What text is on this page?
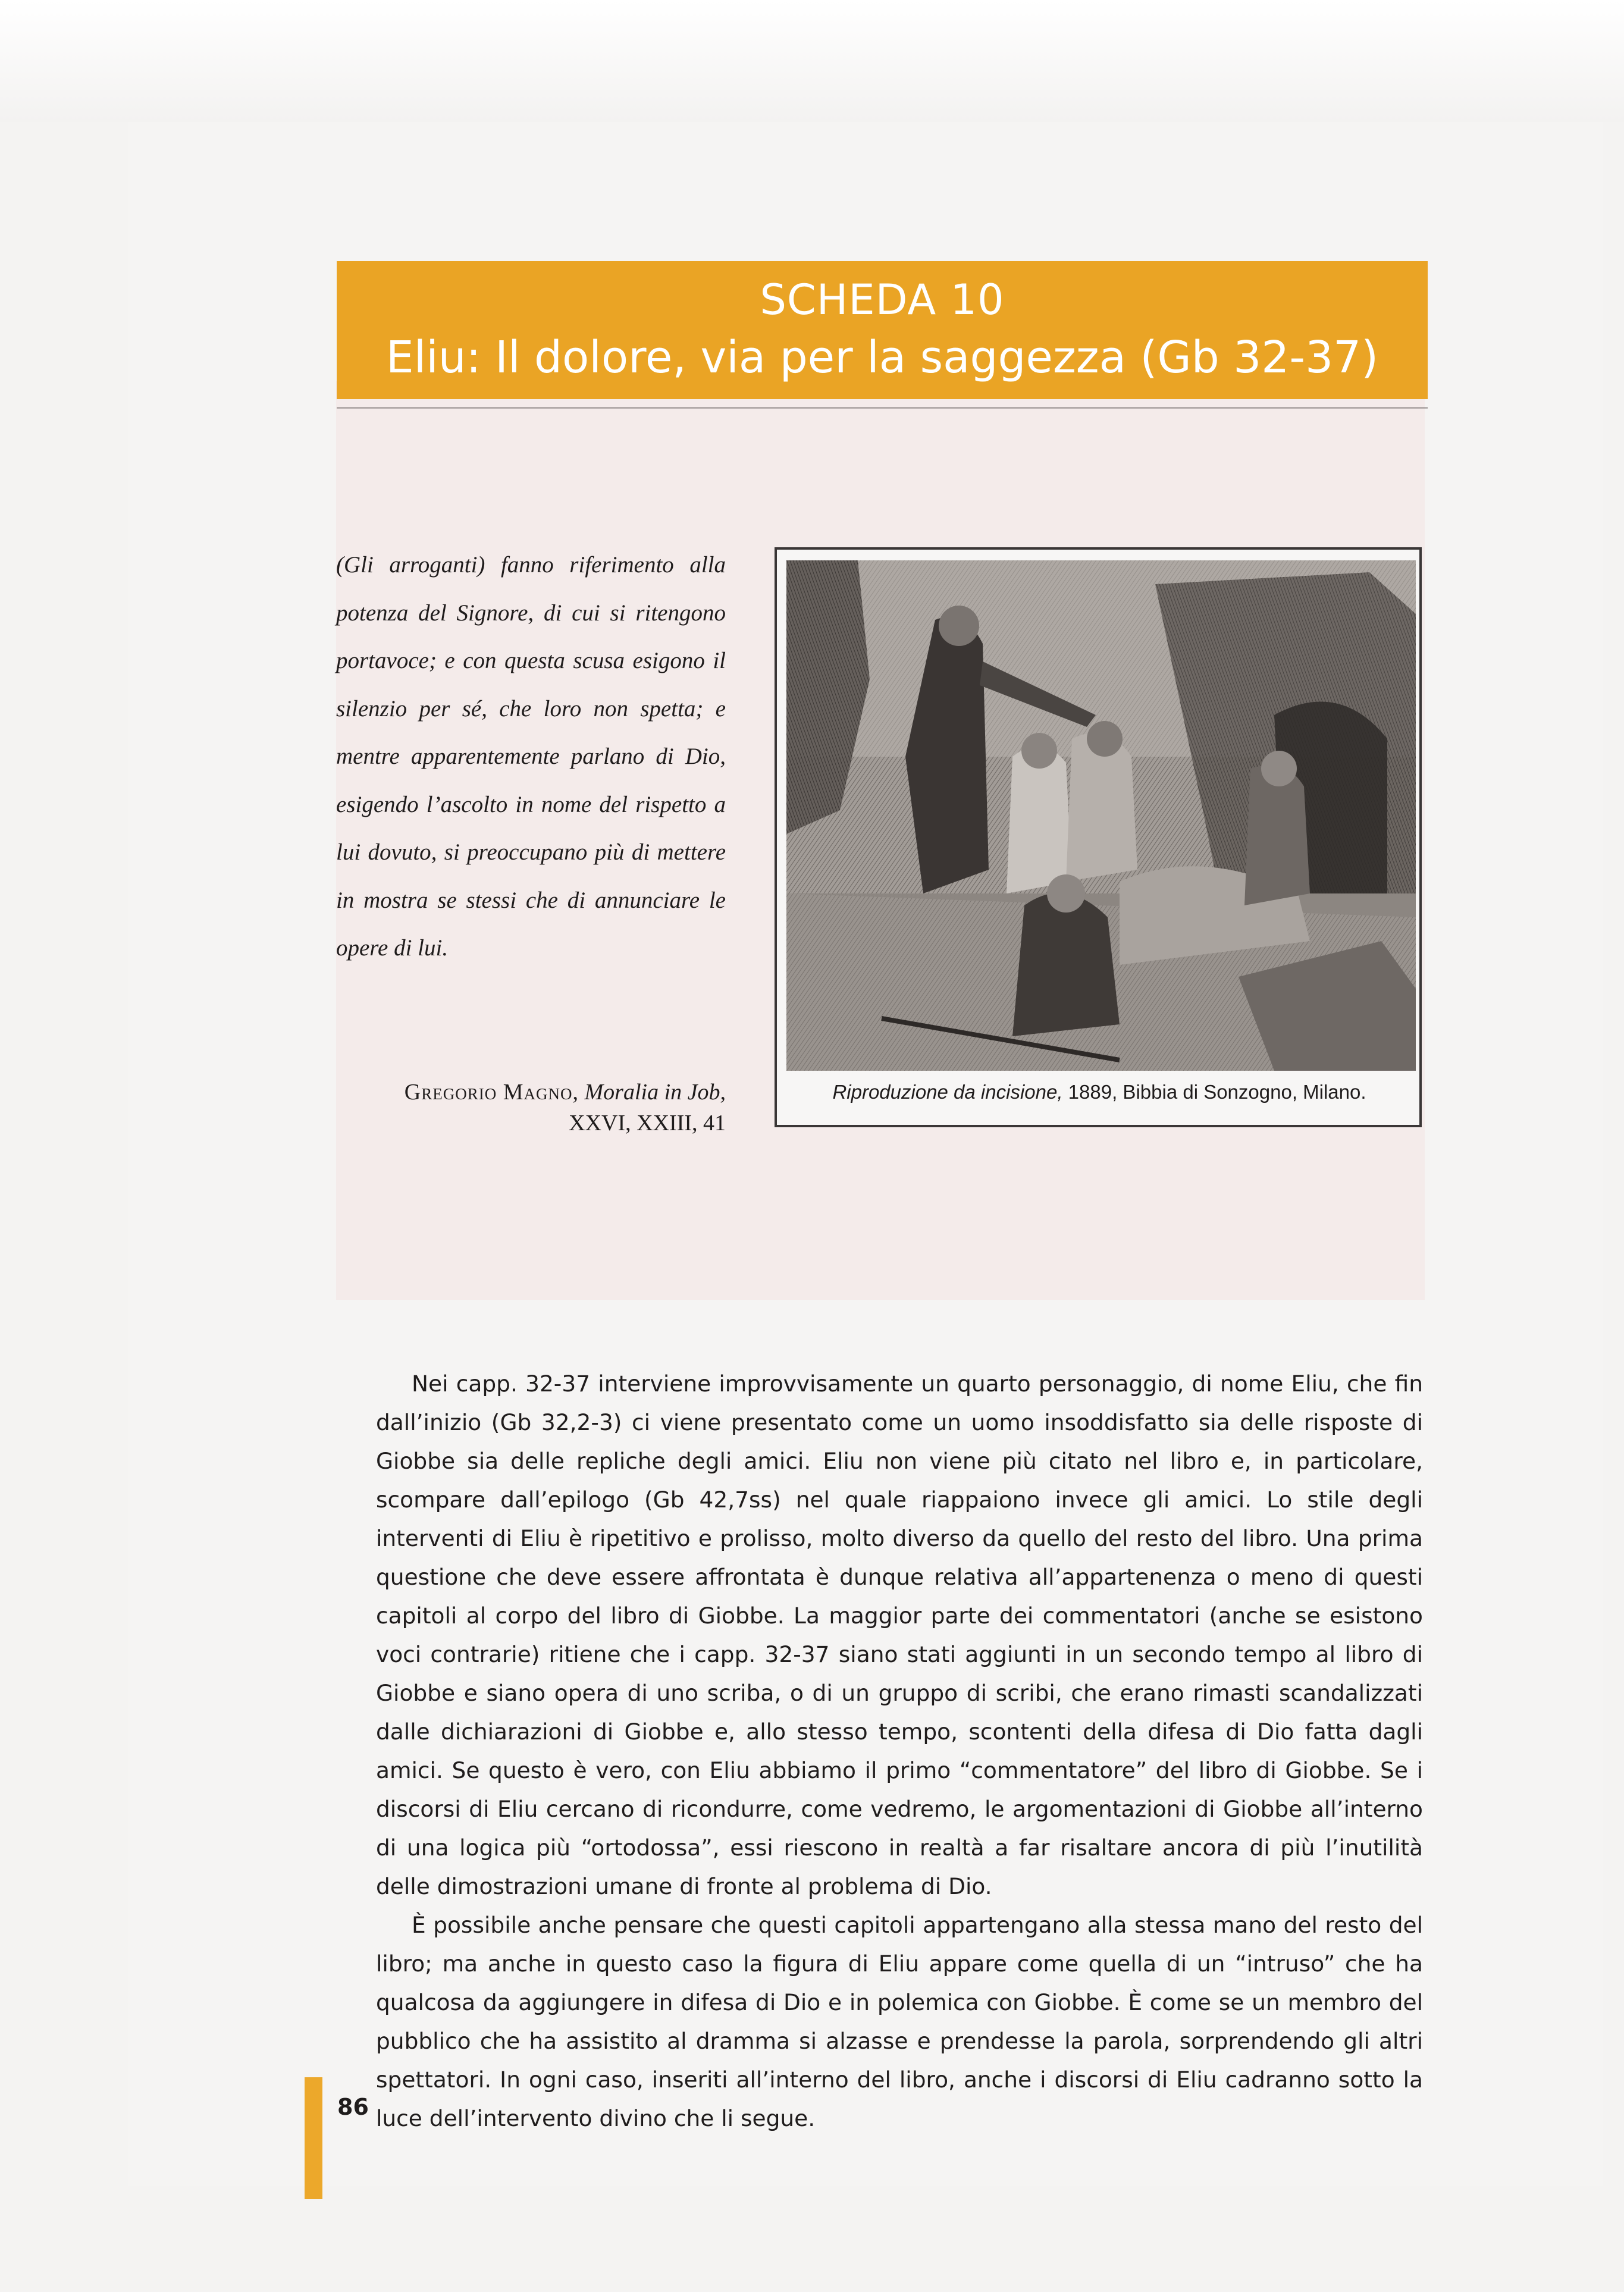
SCHEDA 10
Eliu: Il dolore, via per la saggezza (Gb 32-37)

(Gli arroganti) fanno riferimento alla potenza del Signore, di cui si ritengono portavoce; e con questa scusa esigono il silenzio per sé, che loro non spetta; e mentre apparentemente parlano di Dio, esigendo l’ascolto in nome del rispetto a lui dovuto, si preoccupano più di mettere in mostra se stessi che di annunciare le opere di lui.

Gregorio Magno, Moralia in Job,
XXVI, XXIII, 41
Riproduzione da incisione, 1889, Bibbia di Sonzogno, Milano.

Nei capp. 32-37 interviene improvvisamente un quarto personaggio, di nome Eliu, che fin dall’inizio (Gb 32,2-3) ci viene presentato come un uomo insoddisfatto sia delle risposte di Giobbe sia delle repliche degli amici. Eliu non viene più citato nel libro e, in particolare, scompare dall’epilogo (Gb 42,7ss) nel quale riappaiono invece gli amici. Lo stile degli interventi di Eliu è ripetitivo e prolisso, molto diverso da quello del resto del libro. Una prima questione che deve essere affrontata è dunque relativa all’appartenenza o meno di questi capitoli al corpo del libro di Giobbe. La maggior parte dei commentatori (anche se esistono voci contrarie) ritiene che i capp. 32-37 siano stati aggiunti in un secondo tempo al libro di Giobbe e siano opera di uno scriba, o di un gruppo di scribi, che erano rimasti scandalizzati dalle dichiarazioni di Giobbe e, allo stesso tempo, scontenti della difesa di Dio fatta dagli amici. Se questo è vero, con Eliu abbiamo il primo “commentatore” del libro di Giobbe. Se i discorsi di Eliu cercano di ricondurre, come vedremo, le argomentazioni di Giobbe all’interno di una logica più “ortodossa”, essi riescono in realtà a far risaltare ancora di più l’inutilità delle dimostrazioni umane di fronte al problema di Dio.

È possibile anche pensare che questi capitoli appartengano alla stessa mano del resto del libro; ma anche in questo caso la figura di Eliu appare come quella di un “intruso” che ha qualcosa da aggiungere in difesa di Dio e in polemica con Giobbe. È come se un membro del pubblico che ha assistito al dramma si alzasse e prendesse la parola, sorprendendo gli altri spettatori. In ogni caso, inseriti all’interno del libro, anche i discorsi di Eliu cadranno sotto la luce dell’intervento divino che li segue.

86
